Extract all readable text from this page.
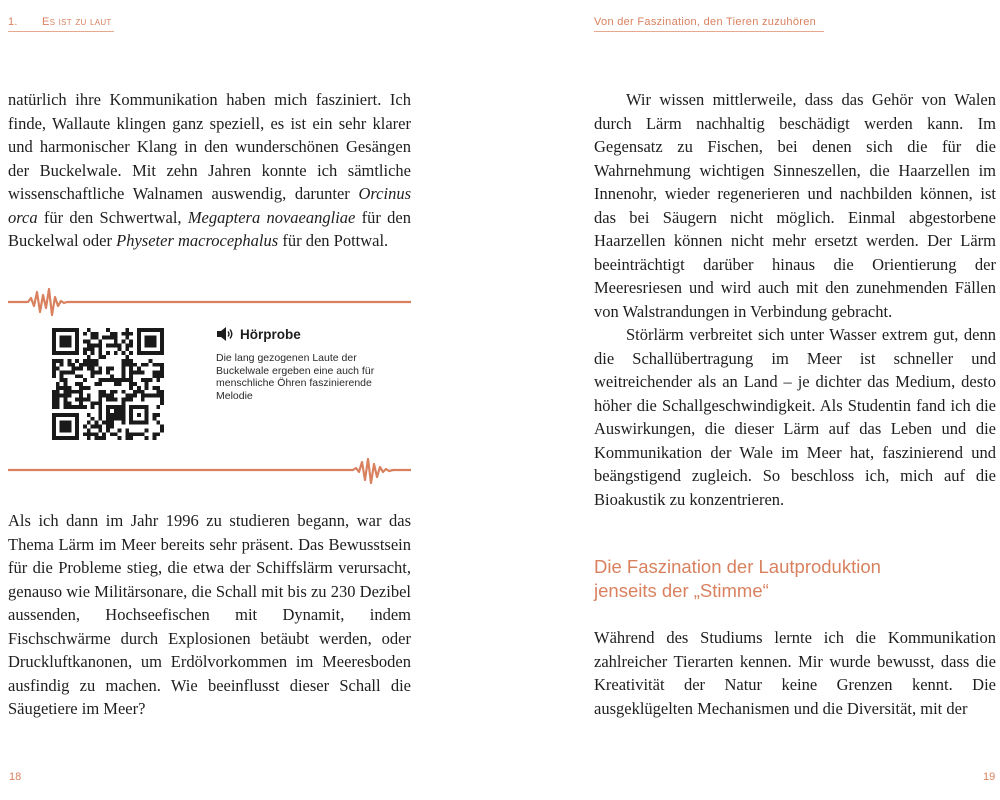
1. Es ist zu laut	Von der Faszination, den Tieren zuzuhören

natürlich ihre Kommunikation haben mich fasziniert. Ich finde, Wallaute klingen ganz speziell, es ist ein sehr klarer und harmonischer Klang in den wunderschönen Gesängen der Buckelwale. Mit zehn Jahren konnte ich sämtliche wissenschaftliche Walnamen auswendig, darunter Orcinus orca für den Schwertwal, Megaptera novaeangliae für den Buckelwal oder Physeter macrocephalus für den Pottwal.

Hörprobe
Die lang gezogenen Laute der Buckelwale ergeben eine auch für menschliche Öhren faszinierende Melodie

Als ich dann im Jahr 1996 zu studieren begann, war das Thema Lärm im Meer bereits sehr präsent. Das Bewusstsein für die Probleme stieg, die etwa der Schiffslärm verursacht, genauso wie Militärsonare, die Schall mit bis zu 230 Dezibel aussenden, Hochseefischen mit Dynamit, indem Fischschwärme durch Explosionen betäubt werden, oder Druckluftkanonen, um Erdölvorkommen im Meeresboden ausfindig zu machen. Wie beeinflusst dieser Schall die Säugetiere im Meer?

Wir wissen mittlerweile, dass das Gehör von Walen durch Lärm nachhaltig beschädigt werden kann. Im Gegensatz zu Fischen, bei denen sich die für die Wahrnehmung wichtigen Sinneszellen, die Haarzellen im Innenohr, wieder regenerieren und nachbilden können, ist das bei Säugern nicht möglich. Einmal abgestorbene Haarzellen können nicht mehr ersetzt werden. Der Lärm beeinträchtigt darüber hinaus die Orientierung der Meeresriesen und wird auch mit den zunehmenden Fällen von Walstrandungen in Verbindung gebracht.

Störlärm verbreitet sich unter Wasser extrem gut, denn die Schallübertragung im Meer ist schneller und weitreichender als an Land – je dichter das Medium, desto höher die Schallgeschwindigkeit. Als Studentin fand ich die Auswirkungen, die dieser Lärm auf das Leben und die Kommunikation der Wale im Meer hat, faszinierend und beängstigend zugleich. So beschloss ich, mich auf die Bioakustik zu konzentrieren.

Die Faszination der Lautproduktion
jenseits der „Stimme“

Während des Studiums lernte ich die Kommunikation zahlreicher Tierarten kennen. Mir wurde bewusst, dass die Kreativität der Natur keine Grenzen kennt. Die ausgeklügelten Mechanismen und die Diversität, mit der

18	19
